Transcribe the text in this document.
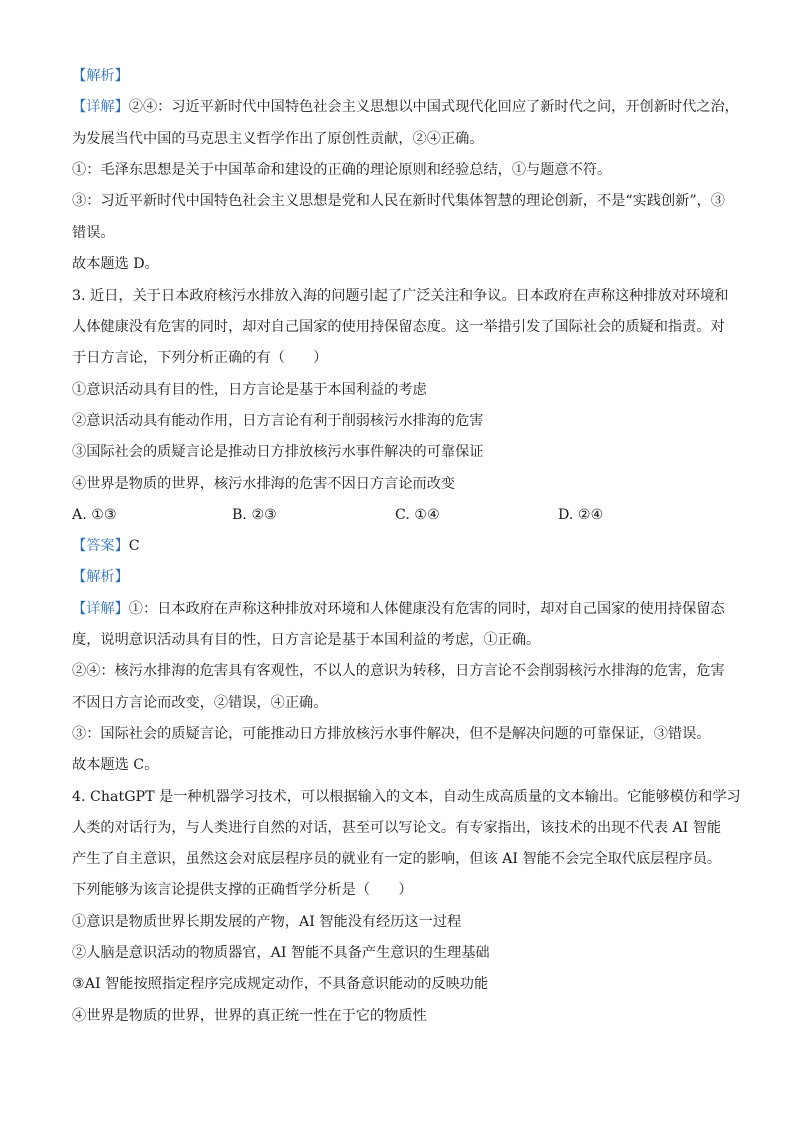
【解析】
【详解】②④：习近平新时代中国特色社会主义思想以中国式现代化回应了新时代之问，开创新时代之治，
为发展当代中国的马克思主义哲学作出了原创性贡献，②④正确。
①：毛泽东思想是关于中国革命和建设的正确的理论原则和经验总结，①与题意不符。
③：习近平新时代中国特色社会主义思想是党和人民在新时代集体智慧的理论创新，不是“实践创新”，③
错误。
故本题选 D。
3. 近日，关于日本政府核污水排放入海的问题引起了广泛关注和争议。日本政府在声称这种排放对环境和
人体健康没有危害的同时，却对自己国家的使用持保留态度。这一举措引发了国际社会的质疑和指责。对
于日方言论，下列分析正确的有（　　）
①意识活动具有目的性，日方言论是基于本国利益的考虑
②意识活动具有能动作用，日方言论有利于削弱核污水排海的危害
③国际社会的质疑言论是推动日方排放核污水事件解决的可靠保证
④世界是物质的世界，核污水排海的危害不因日方言论而改变
A. ①③	B. ②③	C. ①④	D. ②④
【答案】C
【解析】
【详解】①：日本政府在声称这种排放对环境和人体健康没有危害的同时，却对自己国家的使用持保留态
度，说明意识活动具有目的性，日方言论是基于本国利益的考虑，①正确。
②④：核污水排海的危害具有客观性，不以人的意识为转移，日方言论不会削弱核污水排海的危害，危害
不因日方言论而改变，②错误，④正确。
③：国际社会的质疑言论，可能推动日方排放核污水事件解决，但不是解决问题的可靠保证，③错误。
故本题选 C。
4. ChatGPT 是一种机器学习技术，可以根据输入的文本，自动生成高质量的文本输出。它能够模仿和学习
人类的对话行为，与人类进行自然的对话，甚至可以写论文。有专家指出，该技术的出现不代表 AI 智能
产生了自主意识，虽然这会对底层程序员的就业有一定的影响，但该 AI 智能不会完全取代底层程序员。
下列能够为该言论提供支撑的正确哲学分析是（　　）
①意识是物质世界长期发展的产物，AI 智能没有经历这一过程
②人脑是意识活动的物质器官，AI 智能不具备产生意识的生理基础
③AI 智能按照指定程序完成规定动作，不具备意识能动的反映功能
④世界是物质的世界，世界的真正统一性在于它的物质性
